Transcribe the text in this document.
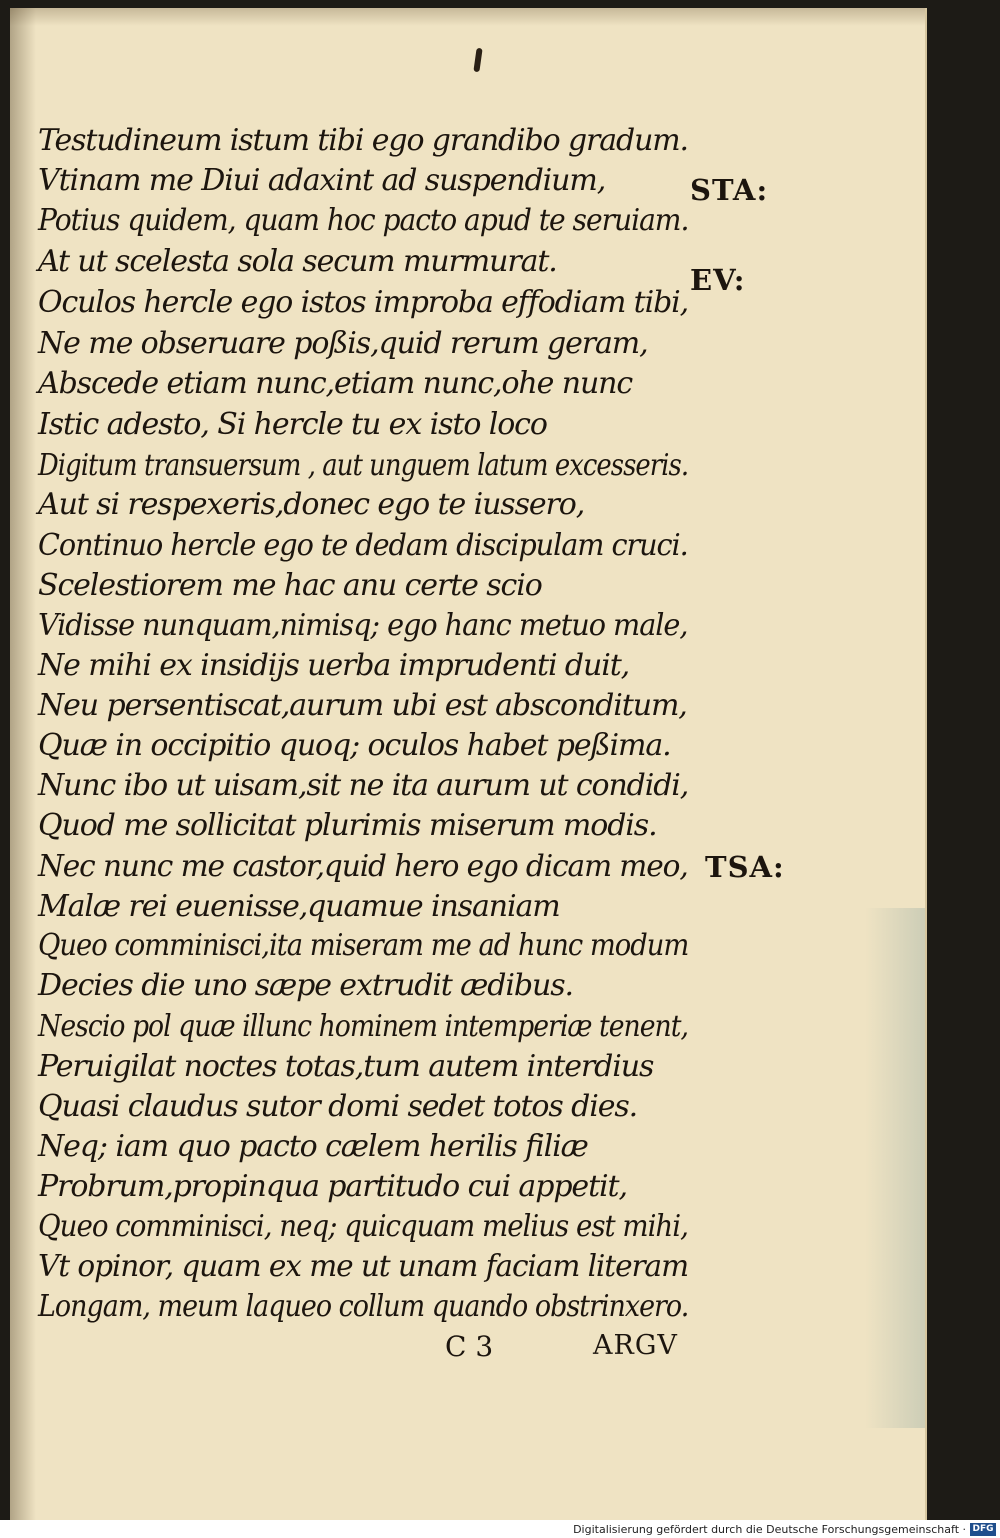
Testudineum istum tibi ego grandibo gradum.
Vtinam me Diui adaxint ad suspendium,
Potius quidem, quam hoc pacto apud te seruiam.
At ut scelesta sola secum murmurat.
Oculos hercle ego istos improba effodiam tibi,
Ne me obseruare poßis,quid rerum geram,
Abscede etiam nunc,etiam nunc,ohe nunc
Istic adesto, Si hercle tu ex isto loco
Digitum transuersum , aut unguem latum excesseris.
Aut si respexeris,donec ego te iussero,
Continuo hercle ego te dedam discipulam cruci.
Scelestiorem me hac anu certe scio
Vidisse nunquam,nimisq; ego hanc metuo male,
Ne mihi ex insidijs uerba imprudenti duit,
Neu persentiscat,aurum ubi est absconditum,
Quæ in occipitio quoq; oculos habet peßima.
Nunc ibo ut uisam,sit ne ita aurum ut condidi,
Quod me sollicitat plurimis miserum modis.
Nec nunc me castor,quid hero ego dicam meo,
Malæ rei euenisse,quamue insaniam
Queo comminisci,ita miseram me ad hunc modum
Decies die uno sæpe extrudit ædibus.
Nescio pol quæ illunc hominem intemperiæ tenent,
Peruigilat noctes totas,tum autem interdius
Quasi claudus sutor domi sedet totos dies.
Neq; iam quo pacto cælem herilis filiæ
Probrum,propinqua partitudo cui appetit,
Queo comminisci, neq; quicquam melius est mihi,
Vt opinor, quam ex me ut unam faciam literam
Longam, meum laqueo collum quando obstrinxero.
STA:
EV:
TSA:
C 3	ARGV
Digitalisierung gefördert durch die Deutsche Forschungsgemeinschaft · DFG
